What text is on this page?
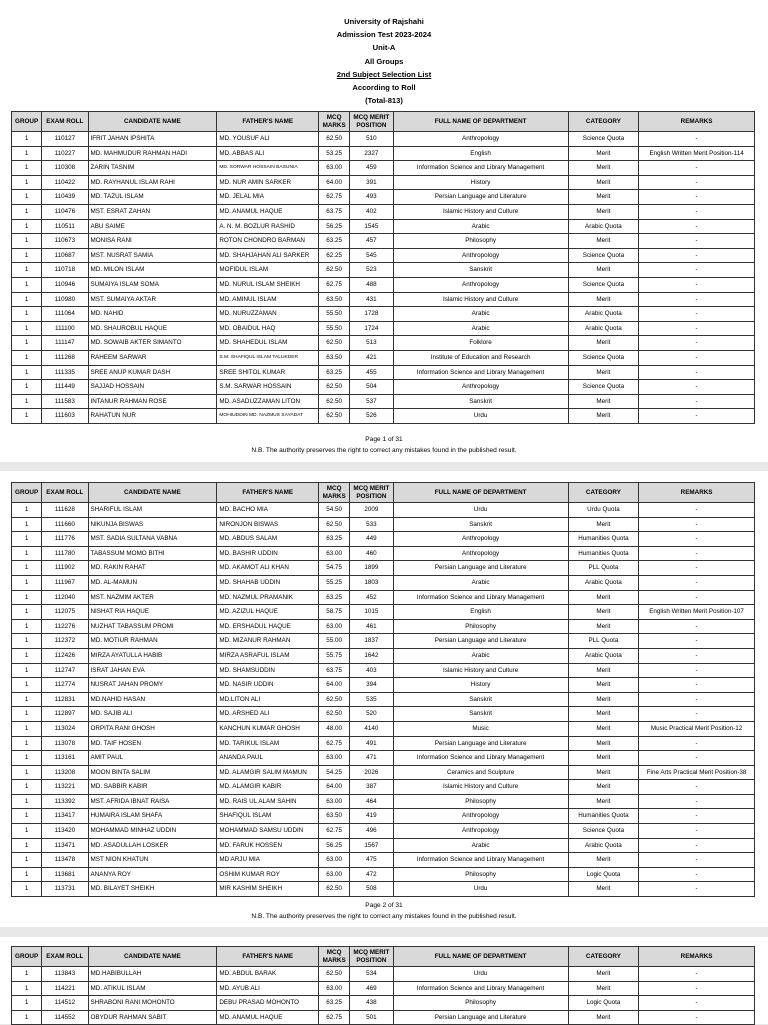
University of Rajshahi
Admission Test 2023-2024
Unit-A
All Groups
2nd Subject Selection List
According to Roll
(Total-813)
GROUP	EXAM ROLL	CANDIDATE NAME	FATHER'S NAME	MCQ MARKS	MCQ MERIT POSITION	FULL NAME OF DEPARTMENT	CATEGORY	REMARKS
1	110127	IFRIT JAHAN IPSHITA	MD. YOUSUF ALI	62.50	510	Anthropology	Science Quota	-
1	110227	MD. MAHMUDUR RAHMAN HADI	MD. ABBAS ALI	53.25	2327	English	Merit	English Written Merit Position-114
1	110308	ZARIN TASNIM	MD. SORWAR HOSSAIN BASUNIA	63.00	459	Information Science and Library Management	Merit	-
1	110422	MD. RAYHANUL ISLAM RAHI	MD. NUR AMIN SARKER	64.00	391	History	Merit	-
1	110439	MD. TAZUL ISLAM	MD. JELAL MIA	62.75	493	Persian Language and Literature	Merit	-
1	110476	MST. ESRAT ZAHAN	MD. ANAMUL HAQUE	63.75	402	Islamic History and Culture	Merit	-
1	110511	ABU SAIME	A. N. M. BOZLUR RASHID	56.25	1545	Arabic	Arabic Quota	-
1	110673	MONISA RANI	ROTON CHONDRO BARMAN	63.25	457	Philosophy	Merit	-
1	110687	MST. NUSRAT SAMIA	MD. SHAHJAHAN ALI SARKER	62.25	545	Anthropology	Science Quota	-
1	110718	MD. MILON ISLAM	MOFIDUL ISLAM	62.50	523	Sanskrit	Merit	-
1	110946	SUMAIYA ISLAM SOMA	MD. NURUL ISLAM SHEIKH	62.75	488	Anthropology	Science Quota	-
1	110980	MST. SUMAIYA AKTAR	MD. AMINUL ISLAM	63.50	431	Islamic History and Culture	Merit	-
1	111064	MD. NAHID	MD. NURUZZAMAN	55.50	1728	Arabic	Arabic Quota	-
1	111100	MD. SHAUROBUL HAQUE	MD. OBAIDUL HAQ	55.50	1724	Arabic	Arabic Quota	-
1	111147	MD. SOWAIB AKTER SIMANTO	MD. SHAHEDUL ISLAM	62.50	513	Folklore	Merit	-
1	111268	RAHEEM SARWAR	S.M. SHAFIQUL ISLAM TALUKDER	63.50	421	Institute of Education and Research	Science Quota	-
1	111335	SREE ANUP KUMAR DASH	SREE SHITOL KUMAR	63.25	455	Information Science and Library Management	Merit	-
1	111449	SAJJAD HOSSAIN	S.M. SARWAR HOSSAIN	62.50	504	Anthropology	Science Quota	-
1	111583	INTANUR RAHMAN ROSE	MD. ASADUZZAMAN LITON	62.50	537	Sanskrit	Merit	-
1	111603	RAHATUN NUR	MOHIUDDIN MD. NAZMUS SAYADAT	62.50	526	Urdu	Merit	-
Page 1 of 31
N.B. The authority preserves the right to correct any mistakes found in the published result.
GROUP	EXAM ROLL	CANDIDATE NAME	FATHER'S NAME	MCQ MARKS	MCQ MERIT POSITION	FULL NAME OF DEPARTMENT	CATEGORY	REMARKS
1	111628	SHARIFUL ISLAM	MD. BACHO MIA	54.50	2009	Urdu	Urdu Quota	-
1	111660	NIKUNJA BISWAS	NIRONJON BISWAS	62.50	533	Sanskrit	Merit	-
1	111776	MST. SADIA SULTANA VABNA	MD. ABDUS SALAM	63.25	449	Anthropology	Humanities Quota	-
1	111780	TABASSUM MOMO BITHI	MD. BASHIR UDDIN	63.00	460	Anthropology	Humanities Quota	-
1	111902	MD. RAKIN RAHAT	MD. AKAMOT ALI KHAN	54.75	1899	Persian Language and Literature	PLL Quota	-
1	111967	MD. AL-MAMUN	MD. SHAHAB UDDIN	55.25	1803	Arabic	Arabic Quota	-
1	112040	MST. NAZMIM AKTER	MD. NAZMUL PRAMANIK	63.25	452	Information Science and Library Management	Merit	-
1	112075	NISHAT RIA HAQUE	MD. AZIZUL HAQUE	58.75	1015	English	Merit	English Written Merit Position-107
1	112276	NUZHAT TABASSUM PROMI	MD. ERSHADUL HAQUE	63.00	461	Philosophy	Merit	-
1	112372	MD. MOTIUR RAHMAN	MD. MIZANUR RAHMAN	55.00	1837	Persian Language and Literature	PLL Quota	-
1	112426	MIRZA AYATULLA HABIB	MIRZA ASRAFUL ISLAM	55.75	1642	Arabic	Arabic Quota	-
1	112747	ISRAT JAHAN EVA	MD. SHAMSUDDIN	63.75	403	Islamic History and Culture	Merit	-
1	112774	NUSRAT JAHAN PROMY	MD. NASIR UDDIN	64.00	394	History	Merit	-
1	112831	MD.NAHID HASAN	MD.LITON ALI	62.50	535	Sanskrit	Merit	-
1	112897	MD. SAJIB ALI	MD. ARSHED ALI	62.50	520	Sanskrit	Merit	-
1	113024	ORPITA RANI GHOSH	KANCHUN KUMAR GHOSH	48.00	4140	Music	Merit	Music Practical Merit Position-12
1	113078	MD. TAIF HOSEN	MD. TARIKUL ISLAM	62.75	491	Persian Language and Literature	Merit	-
1	113161	AMIT PAUL	ANANDA PAUL	63.00	471	Information Science and Library Management	Merit	-
1	113208	MOON BINTA SALIM	MD. ALAMGIR SALIM MAMUN	54.25	2026	Ceramics and Sculpture	Merit	Fine Arts Practical Merit Position-38
1	113221	MD. SABBIR KABIR	MD. ALAMGIR KABIR	64.00	387	Islamic History and Culture	Merit	-
1	113392	MST. AFRIDA IBNAT RAISA	MD. RAIS UL ALAM SAHIN	63.00	464	Philosophy	Merit	-
1	113417	HUMAIRA ISLAM SHAFA	SHAFIQUL ISLAM	63.50	419	Anthropology	Humanities Quota	-
1	113420	MOHAMMAD MINHAZ UDDIN	MOHAMMAD SAMSU UDDIN	62.75	496	Anthropology	Science Quota	-
1	113471	MD. ASADULLAH LOSKER	MD. FARUK HOSSEN	56.25	1567	Arabic	Arabic Quota	-
1	113478	MST NION KHATUN	MD ARJU MIA	63.00	475	Information Science and Library Management	Merit	-
1	113681	ANANYA ROY	OSHIM KUMAR ROY	63.00	472	Philosophy	Logic Quota	-
1	113731	MD. BILAYET SHEIKH	MIR KASHIM SHEIKH	62.50	508	Urdu	Merit	-
Page 2 of 31
N.B. The authority preserves the right to correct any mistakes found in the published result.
GROUP	EXAM ROLL	CANDIDATE NAME	FATHER'S NAME	MCQ MARKS	MCQ MERIT POSITION	FULL NAME OF DEPARTMENT	CATEGORY	REMARKS
1	113843	MD.HABIBULLAH	MD. ABDUL BARAK	62.50	534	Urdu	Merit	-
1	114221	MD. ATIKUL ISLAM	MD. AYUB ALI	63.00	469	Information Science and Library Management	Merit	-
1	114512	SHRABONI RANI MOHONTO	DEBU PRASAD MOHONTO	63.25	438	Philosophy	Logic Quota	-
1	114552	OBYDUR RAHMAN SABIT	MD. ANAMUL HAQUE	62.75	501	Persian Language and Literature	Merit	-
